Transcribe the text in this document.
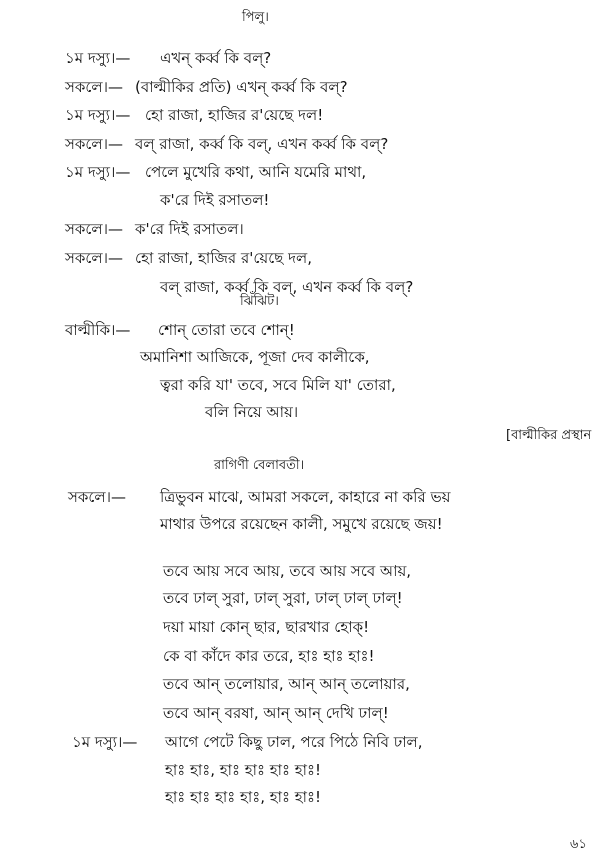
পিলু।
১ম দস্যু।— এখন্ কর্ব্ব কি বল্?
সকলে।— (বাল্মীকির প্রতি) এখন্ কর্ব্ব কি বল্?
১ম দস্যু।— হো রাজা, হাজির র'য়েছে দল!
সকলে।— বল্ রাজা, কর্ব্ব কি বল্, এখন কর্ব্ব কি বল্?
১ম দস্যু।— পেলে মুখেরি কথা, আনি যমেরি মাথা,
ক'রে দিই রসাতল!
সকলে।— ক'রে দিই রসাতল।
সকলে।— হো রাজা, হাজির র'য়েছে দল,
বল্ রাজা, কর্ব্ব কি বল্, এখন কর্ব্ব কি বল্?
ঝিঁঝিট।
বাল্মীকি।— শোন্ তোরা তবে শোন্!
অমানিশা আজিকে, পূজা দেব কালীকে,
ত্বরা করি যা' তবে, সবে মিলি যা' তোরা,
বলি নিয়ে আয়।
[বাল্মীকির প্রস্থান
রাগিণী বেলাবতী।
সকলে।— ত্রিভুবন মাঝে, আমরা সকলে, কাহারে না করি ভয়
মাথার উপরে রয়েছেন কালী, সমুখে রয়েছে জয়!
তবে আয় সবে আয়, তবে আয় সবে আয়,
তবে ঢাল্ সুরা, ঢাল্ সুরা, ঢাল্ ঢাল্ ঢাল্!
দয়া মায়া কোন্ ছার, ছারখার হোক্!
কে বা কাঁদে কার তরে, হাঃ হাঃ হাঃ!
তবে আন্ তলোয়ার, আন্ আন্ তলোয়ার,
তবে আন্ বরষা, আন্ আন্ দেখি ঢাল্!
১ম দস্যু।— আগে পেটে কিছু ঢাল, পরে পিঠে নিবি ঢাল,
হাঃ হাঃ, হাঃ হাঃ হাঃ হাঃ!
হাঃ হাঃ হাঃ হাঃ, হাঃ হাঃ!
৬১
